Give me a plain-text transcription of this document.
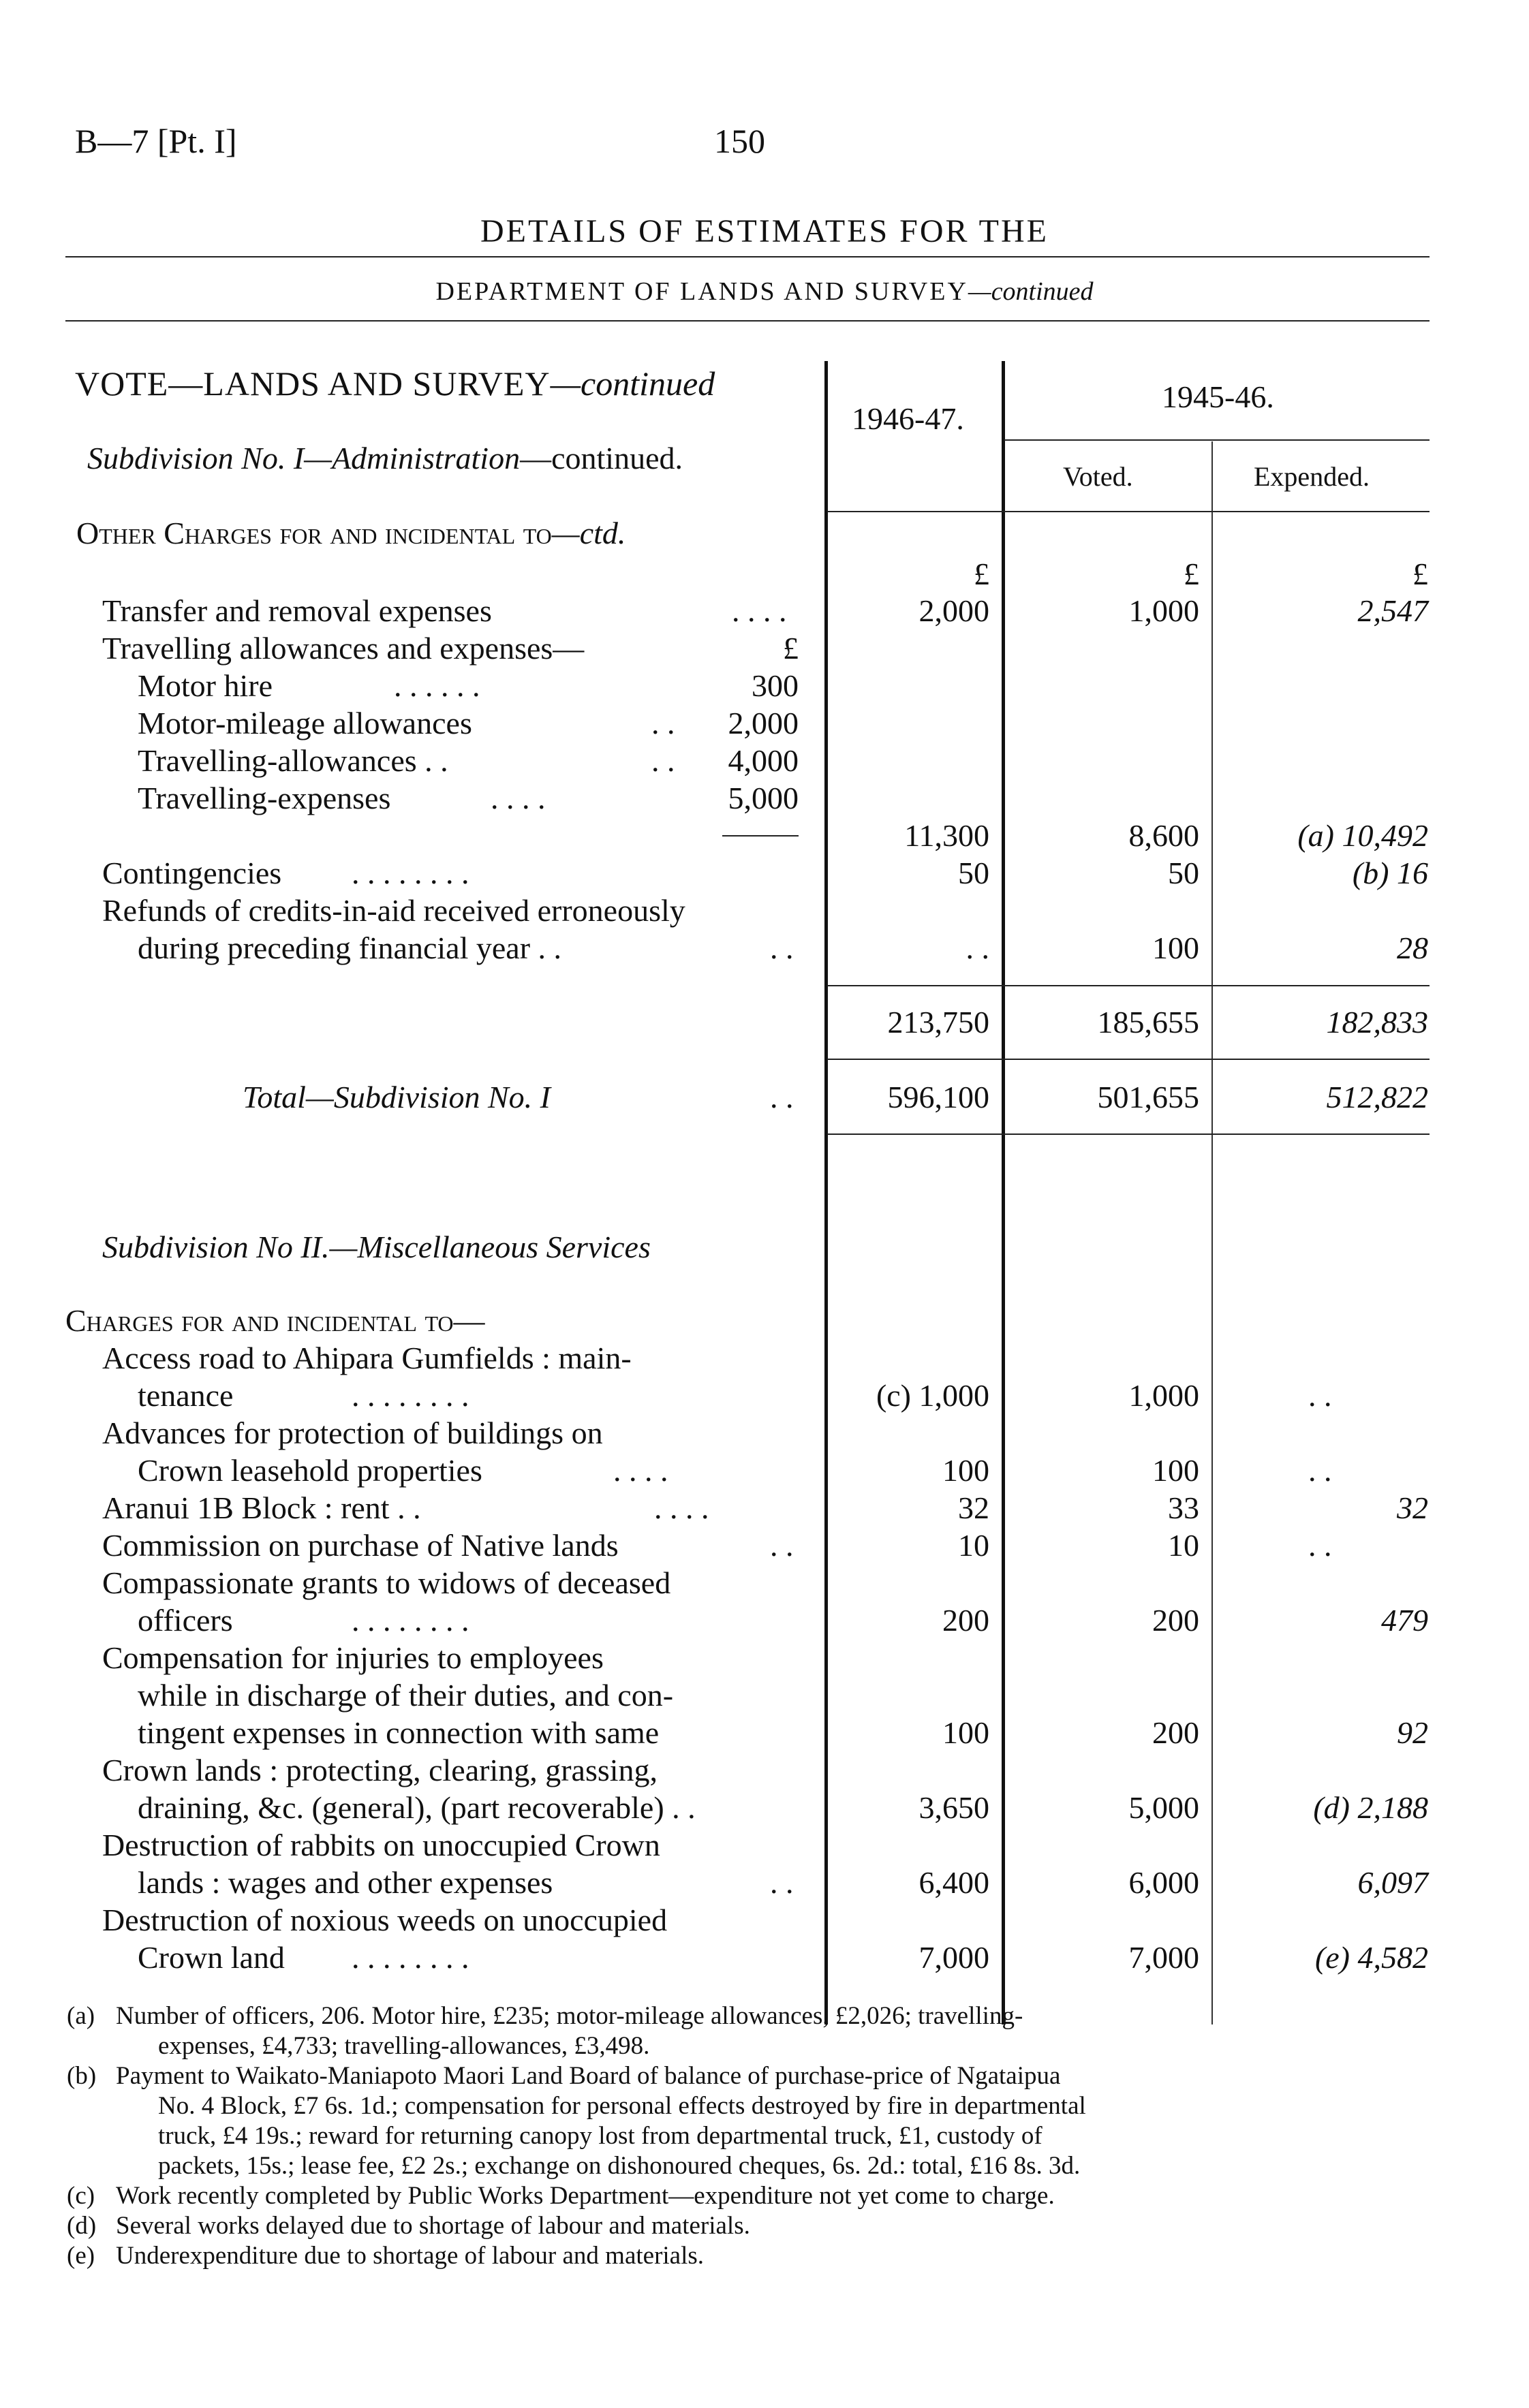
B—7 [Pt. I]	150
DETAILS OF ESTIMATES FOR THE
DEPARTMENT OF LANDS AND SURVEY—continued
1946-47.
1945-46.
Voted.	Expended.
VOTE—LANDS AND SURVEY—continued
Subdivision No. I—Administration—continued.
Other Charges for and incidental to—ctd.
£	£	£
Transfer and removal expenses	. . . .	2,000	1,000	2,547
Travelling allowances and expenses—	£
Motor hire	. . . . . .	300
Motor-mileage allowances	. . 2,000
Travelling-allowances . .	. . 4,000
Travelling-expenses	. . . .	5,000
11,300	8,600	(a) 10,492
Contingencies . . . . . . . .	50	50	(b) 16
Refunds of credits-in-aid received erroneously
during preceding financial year . .	. .	. .	100	28
213,750	185,655	182,833
Total—Subdivision No. I	. .	596,100	501,655	512,822
Subdivision No II.—Miscellaneous Services
Charges for and incidental to—
Access road to Ahipara Gumfields : main-
tenance	. . . . . . . .	(c) 1,000	1,000	. .
Advances for protection of buildings on
Crown leasehold properties	. . . .	100	100	. .
Aranui 1B Block : rent . .	. . . .	32	33	32
Commission on purchase of Native lands	. .	10	10	. .
Compassionate grants to widows of deceased
officers	. . . . . . . .	200	200	479
Compensation for injuries to employees
while in discharge of their duties, and con-
tingent expenses in connection with same	100	200	92
Crown lands : protecting, clearing, grassing,
draining, &c. (general), (part recoverable) . .	3,650	5,000	(d) 2,188
Destruction of rabbits on unoccupied Crown
lands : wages and other expenses	. .	6,400	6,000	6,097
Destruction of noxious weeds on unoccupied
Crown land . . . . . . . .	7,000	7,000	(e) 4,582
(a) Number of officers, 206. Motor hire, £235; motor-mileage allowances, £2,026; travelling-
expenses, £4,733; travelling-allowances, £3,498.
(b) Payment to Waikato-Maniapoto Maori Land Board of balance of purchase-price of Ngataipua
No. 4 Block, £7 6s. 1d.; compensation for personal effects destroyed by fire in departmental
truck, £4 19s.; reward for returning canopy lost from departmental truck, £1, custody of
packets, 15s.; lease fee, £2 2s.; exchange on dishonoured cheques, 6s. 2d.: total, £16 8s. 3d.
(c) Work recently completed by Public Works Department—expenditure not yet come to charge.
(d) Several works delayed due to shortage of labour and materials.
(e) Underexpenditure due to shortage of labour and materials.
